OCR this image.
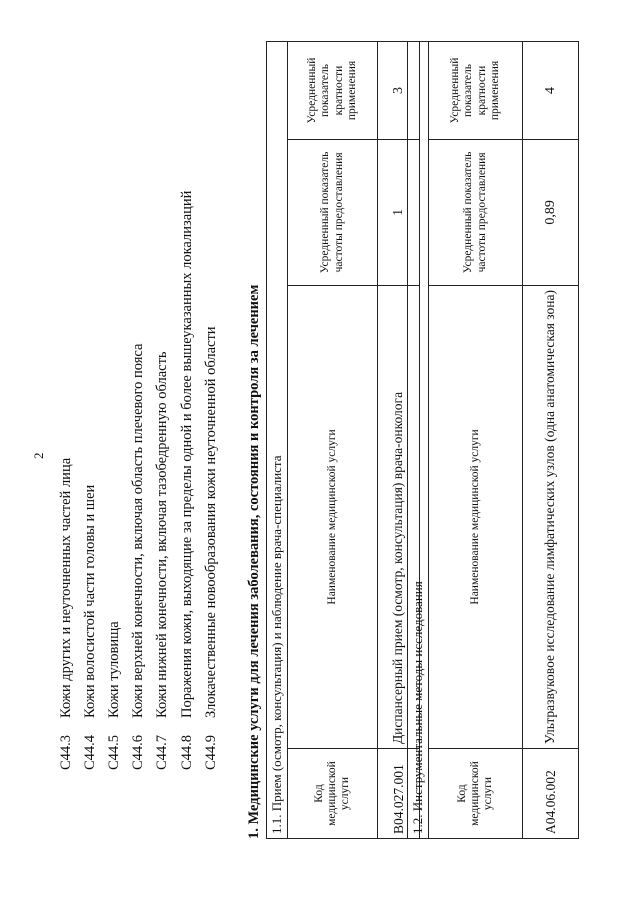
2
C44.3
Кожи других и неуточненных частей лица
C44.4
Кожи волосистой части головы и шеи
C44.5
Кожи туловища
C44.6
Кожи верхней конечности, включая область плечевого пояса
C44.7
Кожи нижней конечности, включая тазобедренную область
C44.8
Поражения кожи, выходящие за пределы одной и более вышеуказанных локализаций
C44.9
Злокачественные новообразования кожи неуточненной области 1. Медицинские услуги для лечения заболевания, состояния и контроля за лечением 1.1. Прием (осмотр, консультация) и наблюдение врача-специалиста			
Код медицинской услуги	Наименование медицинской услуги	Усредненный показатель частоты предоставления	Усредненный показатель кратности применения
B04.027.001	Диспансерный прием (осмотр, консультация) врача-онколога	1	3
1.2. Инструментальные методы исследования			
Код медицинской услуги	Наименование медицинской услуги	Усредненный показатель частоты предоставления	Усредненный показатель кратности применения
A04.06.002	Ультразвуковое исследование лимфатических узлов (одна анатомическая зона)	0,89	4
